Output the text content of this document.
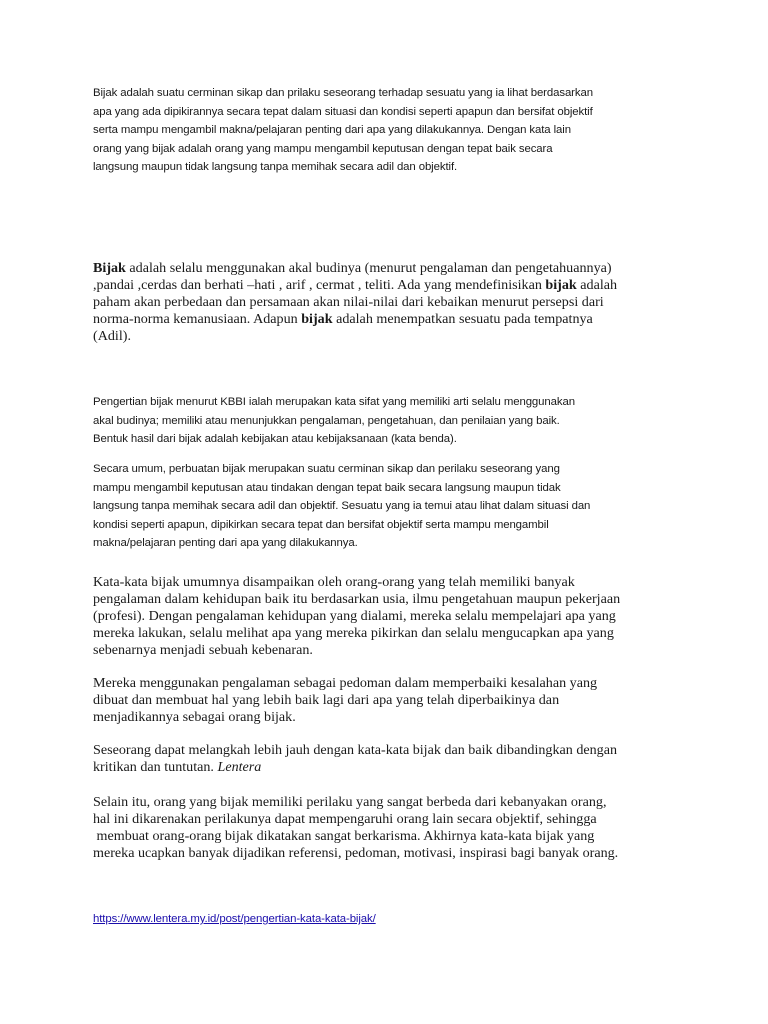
Bijak adalah suatu cerminan sikap dan prilaku seseorang terhadap sesuatu yang ia lihat berdasarkan
apa yang ada dipikirannya secara tepat dalam situasi dan kondisi seperti apapun dan bersifat objektif
serta mampu mengambil makna/pelajaran penting dari apa yang dilakukannya. Dengan kata lain
orang yang bijak adalah orang yang mampu mengambil keputusan dengan tepat baik secara
langsung maupun tidak langsung tanpa memihak secara adil dan objektif.

Bijak adalah selalu menggunakan akal budinya (menurut pengalaman dan pengetahuannya)
,pandai ,cerdas dan berhati –hati , arif , cermat , teliti. Ada yang mendefinisikan bijak adalah
paham akan perbedaan dan persamaan akan nilai-nilai dari kebaikan menurut persepsi dari
norma-norma kemanusiaan. Adapun bijak adalah menempatkan sesuatu pada tempatnya
(Adil).

Pengertian bijak menurut KBBI ialah merupakan kata sifat yang memiliki arti selalu menggunakan
akal budinya; memiliki atau menunjukkan pengalaman, pengetahuan, dan penilaian yang baik.
Bentuk hasil dari bijak adalah kebijakan atau kebijaksanaan (kata benda).

Secara umum, perbuatan bijak merupakan suatu cerminan sikap dan perilaku seseorang yang
mampu mengambil keputusan atau tindakan dengan tepat baik secara langsung maupun tidak
langsung tanpa memihak secara adil dan objektif. Sesuatu yang ia temui atau lihat dalam situasi dan
kondisi seperti apapun, dipikirkan secara tepat dan bersifat objektif serta mampu mengambil
makna/pelajaran penting dari apa yang dilakukannya.

Kata-kata bijak umumnya disampaikan oleh orang-orang yang telah memiliki banyak
pengalaman dalam kehidupan baik itu berdasarkan usia, ilmu pengetahuan maupun pekerjaan
(profesi). Dengan pengalaman kehidupan yang dialami, mereka selalu mempelajari apa yang
mereka lakukan, selalu melihat apa yang mereka pikirkan dan selalu mengucapkan apa yang
sebenarnya menjadi sebuah kebenaran.

Mereka menggunakan pengalaman sebagai pedoman dalam memperbaiki kesalahan yang
dibuat dan membuat hal yang lebih baik lagi dari apa yang telah diperbaikinya dan
menjadikannya sebagai orang bijak.

Seseorang dapat melangkah lebih jauh dengan kata-kata bijak dan baik dibandingkan dengan
kritikan dan tuntutan. Lentera

Selain itu, orang yang bijak memiliki perilaku yang sangat berbeda dari kebanyakan orang,
hal ini dikarenakan perilakunya dapat mempengaruhi orang lain secara objektif, sehingga
membuat orang-orang bijak dikatakan sangat berkarisma. Akhirnya kata-kata bijak yang
mereka ucapkan banyak dijadikan referensi, pedoman, motivasi, inspirasi bagi banyak orang.

https://www.lentera.my.id/post/pengertian-kata-kata-bijak/
